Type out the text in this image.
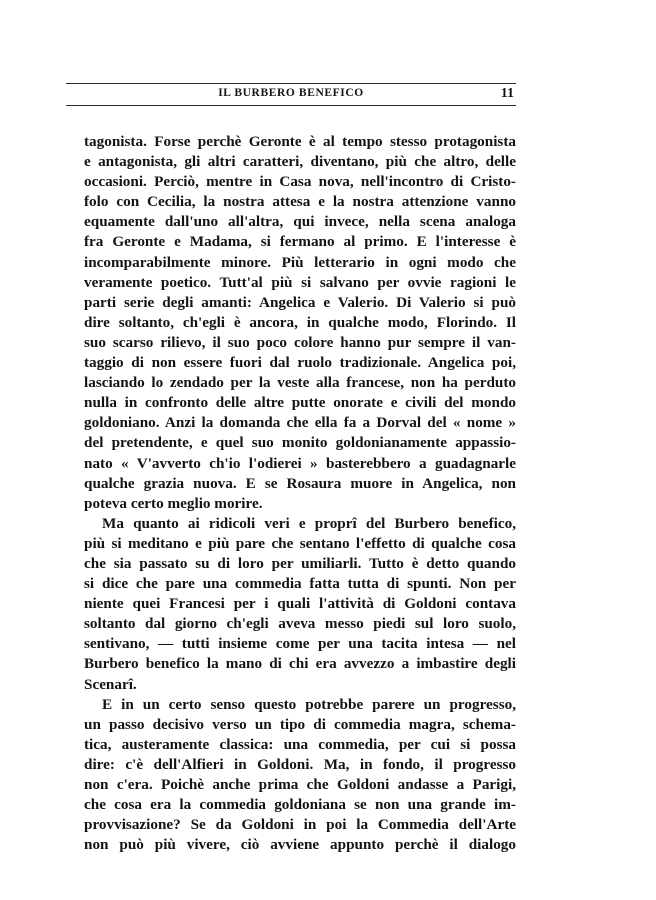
IL BURBERO BENEFICO	11
tagonista. Forse perchè Geronte è al tempo stesso protagonista
e antagonista, gli altri caratteri, diventano, più che altro, delle
occasioni. Perciò, mentre in Casa nova, nell'incontro di Cristo-
folo con Cecilia, la nostra attesa e la nostra attenzione vanno
equamente dall'uno all'altra, qui invece, nella scena analoga
fra Geronte e Madama, si fermano al primo. E l'interesse è
incomparabilmente minore. Più letterario in ogni modo che
veramente poetico. Tutt'al più si salvano per ovvie ragioni le
parti serie degli amanti: Angelica e Valerio. Di Valerio si può
dire soltanto, ch'egli è ancora, in qualche modo, Florindo. Il
suo scarso rilievo, il suo poco colore hanno pur sempre il van-
taggio di non essere fuori dal ruolo tradizionale. Angelica poi,
lasciando lo zendado per la veste alla francese, non ha perduto
nulla in confronto delle altre putte onorate e civili del mondo
goldoniano. Anzi la domanda che ella fa a Dorval del « nome »
del pretendente, e quel suo monito goldonianamente appassio-
nato « V'avverto ch'io l'odierei » basterebbero a guadagnarle
qualche grazia nuova. E se Rosaura muore in Angelica, non
poteva certo meglio morire.
Ma quanto ai ridicoli veri e proprî del Burbero benefico,
più si meditano e più pare che sentano l'effetto di qualche cosa
che sia passato su di loro per umiliarli. Tutto è detto quando
si dice che pare una commedia fatta tutta di spunti. Non per
niente quei Francesi per i quali l'attività di Goldoni contava
soltanto dal giorno ch'egli aveva messo piedi sul loro suolo,
sentivano, — tutti insieme come per una tacita intesa — nel
Burbero benefico la mano di chi era avvezzo a imbastire degli
Scenarî.
E in un certo senso questo potrebbe parere un progresso,
un passo decisivo verso un tipo di commedia magra, schema-
tica, austeramente classica: una commedia, per cui si possa
dire: c'è dell'Alfieri in Goldoni. Ma, in fondo, il progresso
non c'era. Poichè anche prima che Goldoni andasse a Parigi,
che cosa era la commedia goldoniana se non una grande im-
provvisazione? Se da Goldoni in poi la Commedia dell'Arte
non può più vivere, ciò avviene appunto perchè il dialogo
